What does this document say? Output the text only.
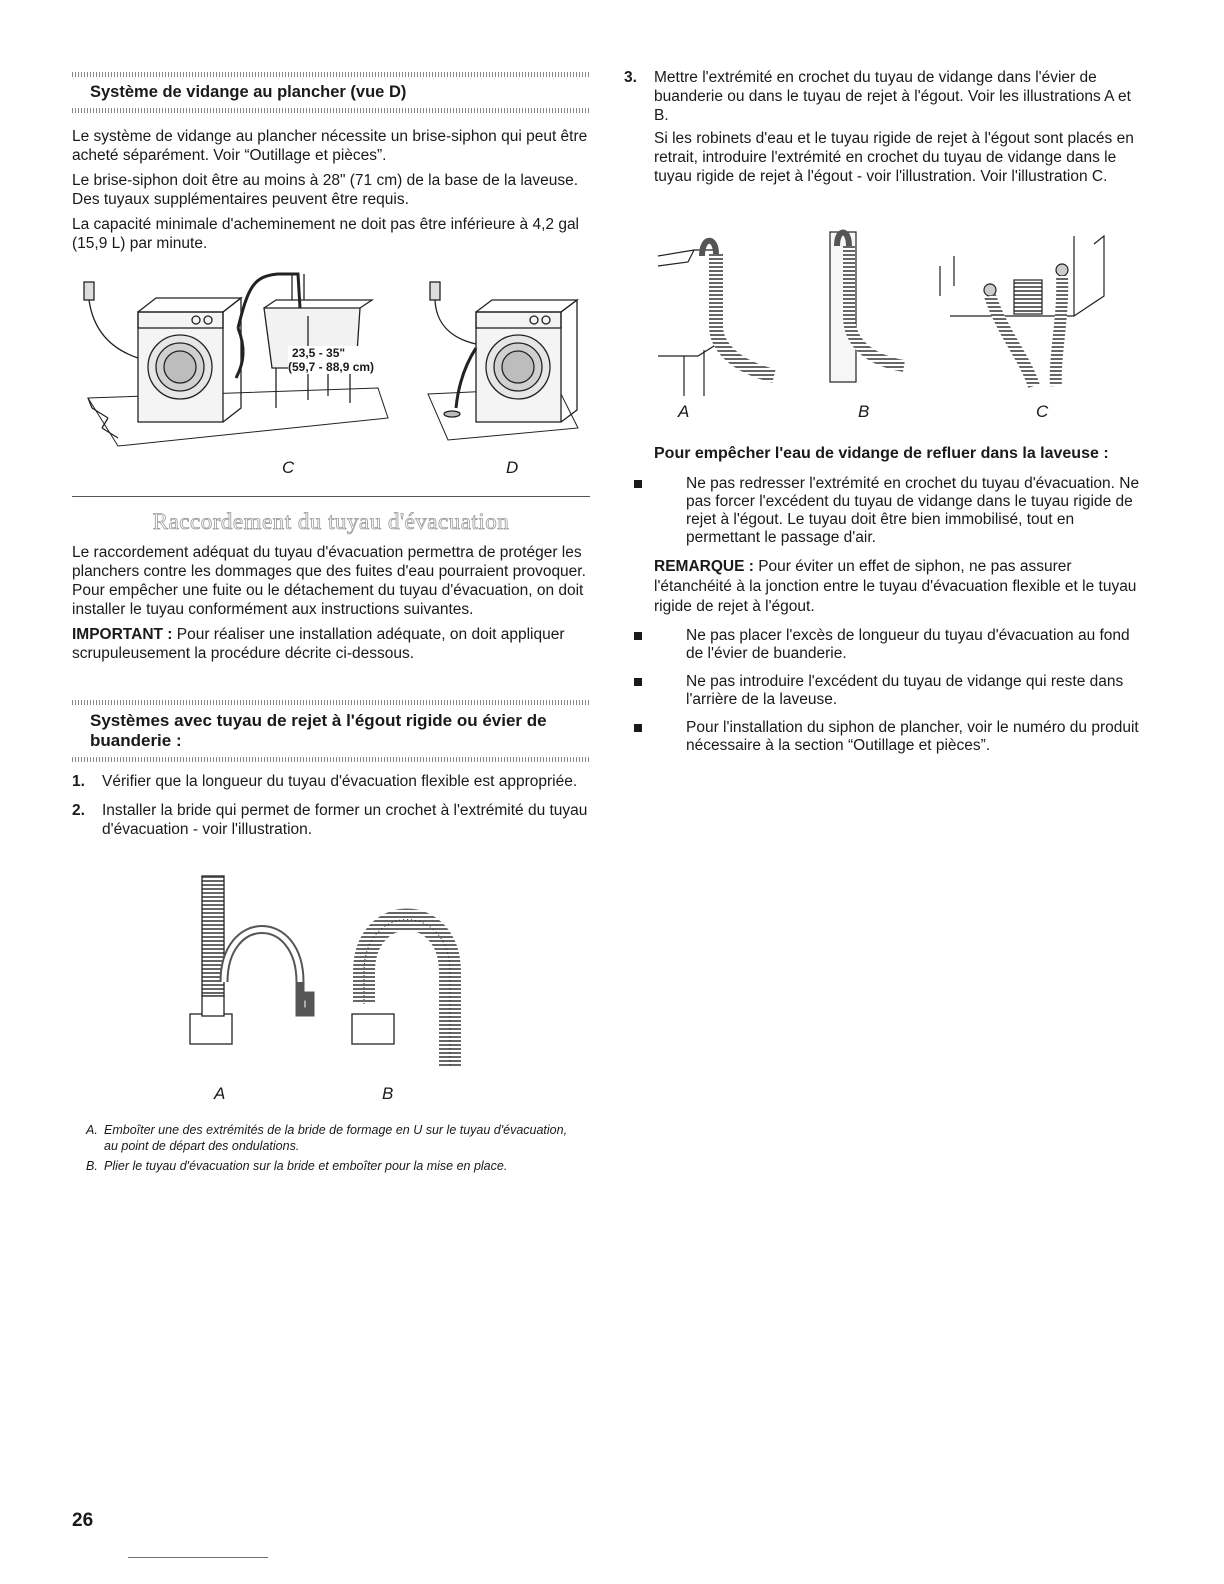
Système de vidange au plancher (vue D)

Le système de vidange au plancher nécessite un brise-siphon qui peut être acheté séparément. Voir “Outillage et pièces”.

Le brise-siphon doit être au moins à 28" (71 cm) de la base de la laveuse. Des tuyaux supplémentaires peuvent être requis.

La capacité minimale d'acheminement ne doit pas être inférieure à 4,2 gal (15,9 L) par minute.

23,5 - 35"
(59,7 - 88,9 cm)
C	D
Raccordement du tuyau d'évacuation

Le raccordement adéquat du tuyau d'évacuation permettra de protéger les planchers contre les dommages que des fuites d'eau pourraient provoquer. Pour empêcher une fuite ou le détachement du tuyau d'évacuation, on doit installer le tuyau conformément aux instructions suivantes.

IMPORTANT : Pour réaliser une installation adéquate, on doit appliquer scrupuleusement la procédure décrite ci-dessous.

Systèmes avec tuyau de rejet à l'égout rigide ou évier de buanderie :
1. Vérifier que la longueur du tuyau d'évacuation flexible est appropriée.
2. Installer la bride qui permet de former un crochet à l'extrémité du tuyau d'évacuation - voir l'illustration.
A	B
A. Emboîter une des extrémités de la bride de formage en U sur le tuyau d'évacuation, au point de départ des ondulations.
B. Plier le tuyau d'évacuation sur la bride et emboîter pour la mise en place.
26
3. Mettre l'extrémité en crochet du tuyau de vidange dans l'évier de buanderie ou dans le tuyau de rejet à l'égout. Voir les illustrations A et B.

Si les robinets d'eau et le tuyau rigide de rejet à l'égout sont placés en retrait, introduire l'extrémité en crochet du tuyau de vidange dans le tuyau rigide de rejet à l'égout - voir l'illustration. Voir l'illustration C.

A	B	C
Pour empêcher l'eau de vidange de refluer dans la laveuse :
Ne pas redresser l'extrémité en crochet du tuyau d'évacuation. Ne pas forcer l'excédent du tuyau de vidange dans le tuyau rigide de rejet à l'égout. Le tuyau doit être bien immobilisé, tout en permettant le passage d'air.

REMARQUE : Pour éviter un effet de siphon, ne pas assurer l'étanchéité à la jonction entre le tuyau d'évacuation flexible et le tuyau rigide de rejet à l'égout.

Ne pas placer l'excès de longueur du tuyau d'évacuation au fond de l'évier de buanderie.
Ne pas introduire l'excédent du tuyau de vidange qui reste dans l'arrière de la laveuse.
Pour l'installation du siphon de plancher, voir le numéro du produit nécessaire à la section “Outillage et pièces”.
